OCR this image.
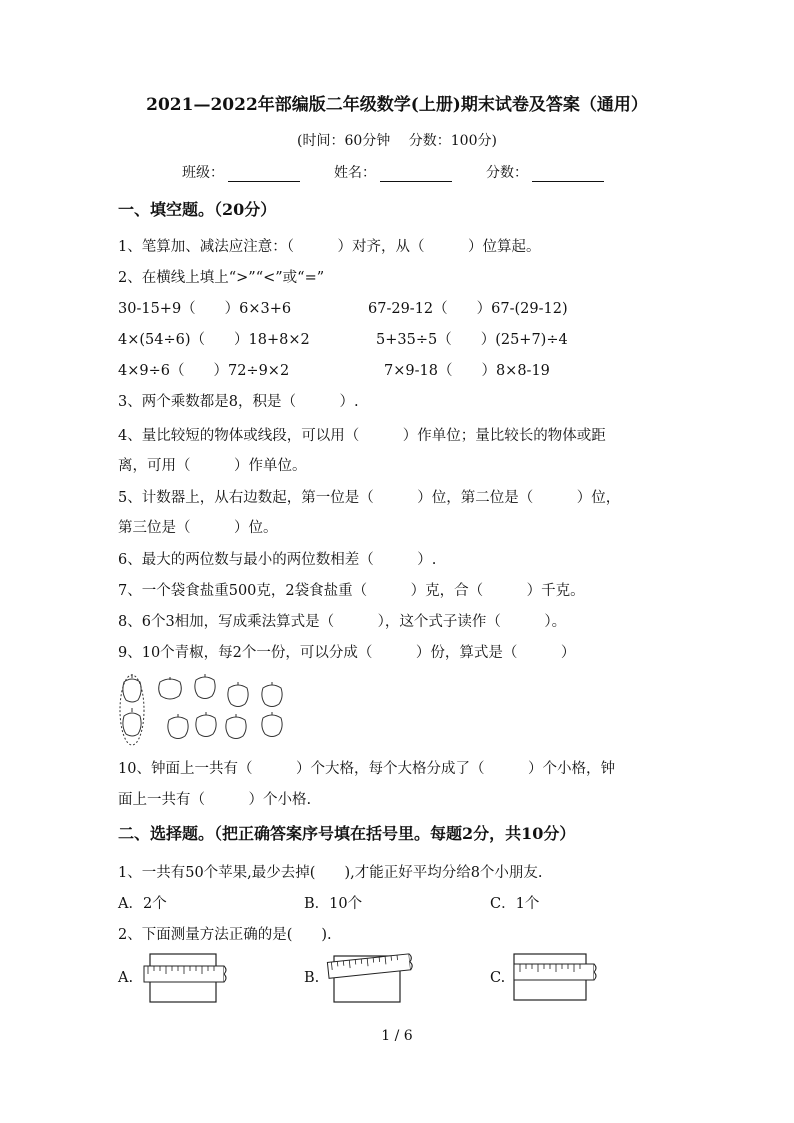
2021—2022年部编版二年级数学(上册)期末试卷及答案（通用）
(时间：60分钟　 分数：100分)
班级：	姓名：	分数：
一、填空题。（20分）
1、笔算加、减法应注意：（　　　）对齐，从（　　　）位算起。
2、在横线上填上“>”“<”或“=”
30-15+9（　　）6×3+6	67-29-12（　　）67-(29-12)
4×(54÷6)（　　）18+8×2	5+35÷5（　　）(25+7)÷4
4×9÷6（　　）72÷9×2	7×9-18（　　）8×8-19
3、两个乘数都是8，积是（　　　）.
4、量比较短的物体或线段，可以用（　　　）作单位；量比较长的物体或距
离，可用（　　　）作单位。
5、计数器上，从右边数起，第一位是（　　　）位，第二位是（　　　）位，
第三位是（　　　）位。
6、最大的两位数与最小的两位数相差（　　　）.
7、一个袋食盐重500克，2袋食盐重（　　　）克，合（　　　）千克。
8、6个3相加，写成乘法算式是（　　　），这个式子读作（　　　）。
9、10个青椒，每2个一份，可以分成（　　　）份，算式是（　　　）
10、钟面上一共有（　　　）个大格，每个大格分成了（　　　）个小格，钟
面上一共有（　　　）个小格.
二、选择题。（把正确答案序号填在括号里。每题2分，共10分）
1、一共有50个苹果,最少去掉(　　),才能正好平均分给8个小朋友.
A．2个	B．10个	C．1个
2、下面测量方法正确的是(　　).
A.	B.	C.
1 / 6
